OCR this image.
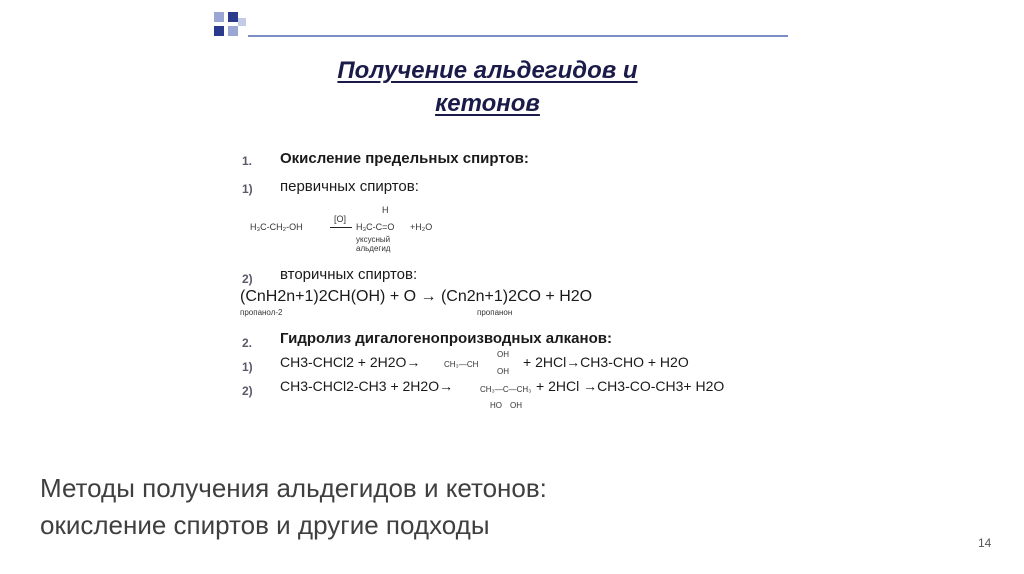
Получение альдегидов и
кетонов
1. Окисление предельных спиртов:
1) первичных спиртов:
H₃C-CH₂-OH
[O]
H
H₃C-C=O +H₂O
уксусный
альдегид
2) вторичных спиртов:
(CnH2n+1)2CH(OH) + O → (Cn2n+1)2CO + H2O
пропанол-2	пропанон
2. Гидролиз дигалогенопроизводных алканов:
1) CH3-CHCl2 + 2H2O→	CH₃—CH
OH
OH
+ 2HCl→CH3-CHO + H2O
2) CH3-CHCl2-CH3 + 2H2O→	CH₃—C—CH₃
HO OH
+ 2HCl →CH3-CO-CH3+ H2O
Методы получения альдегидов и кетонов:
окисление спиртов и другие подходы
14
